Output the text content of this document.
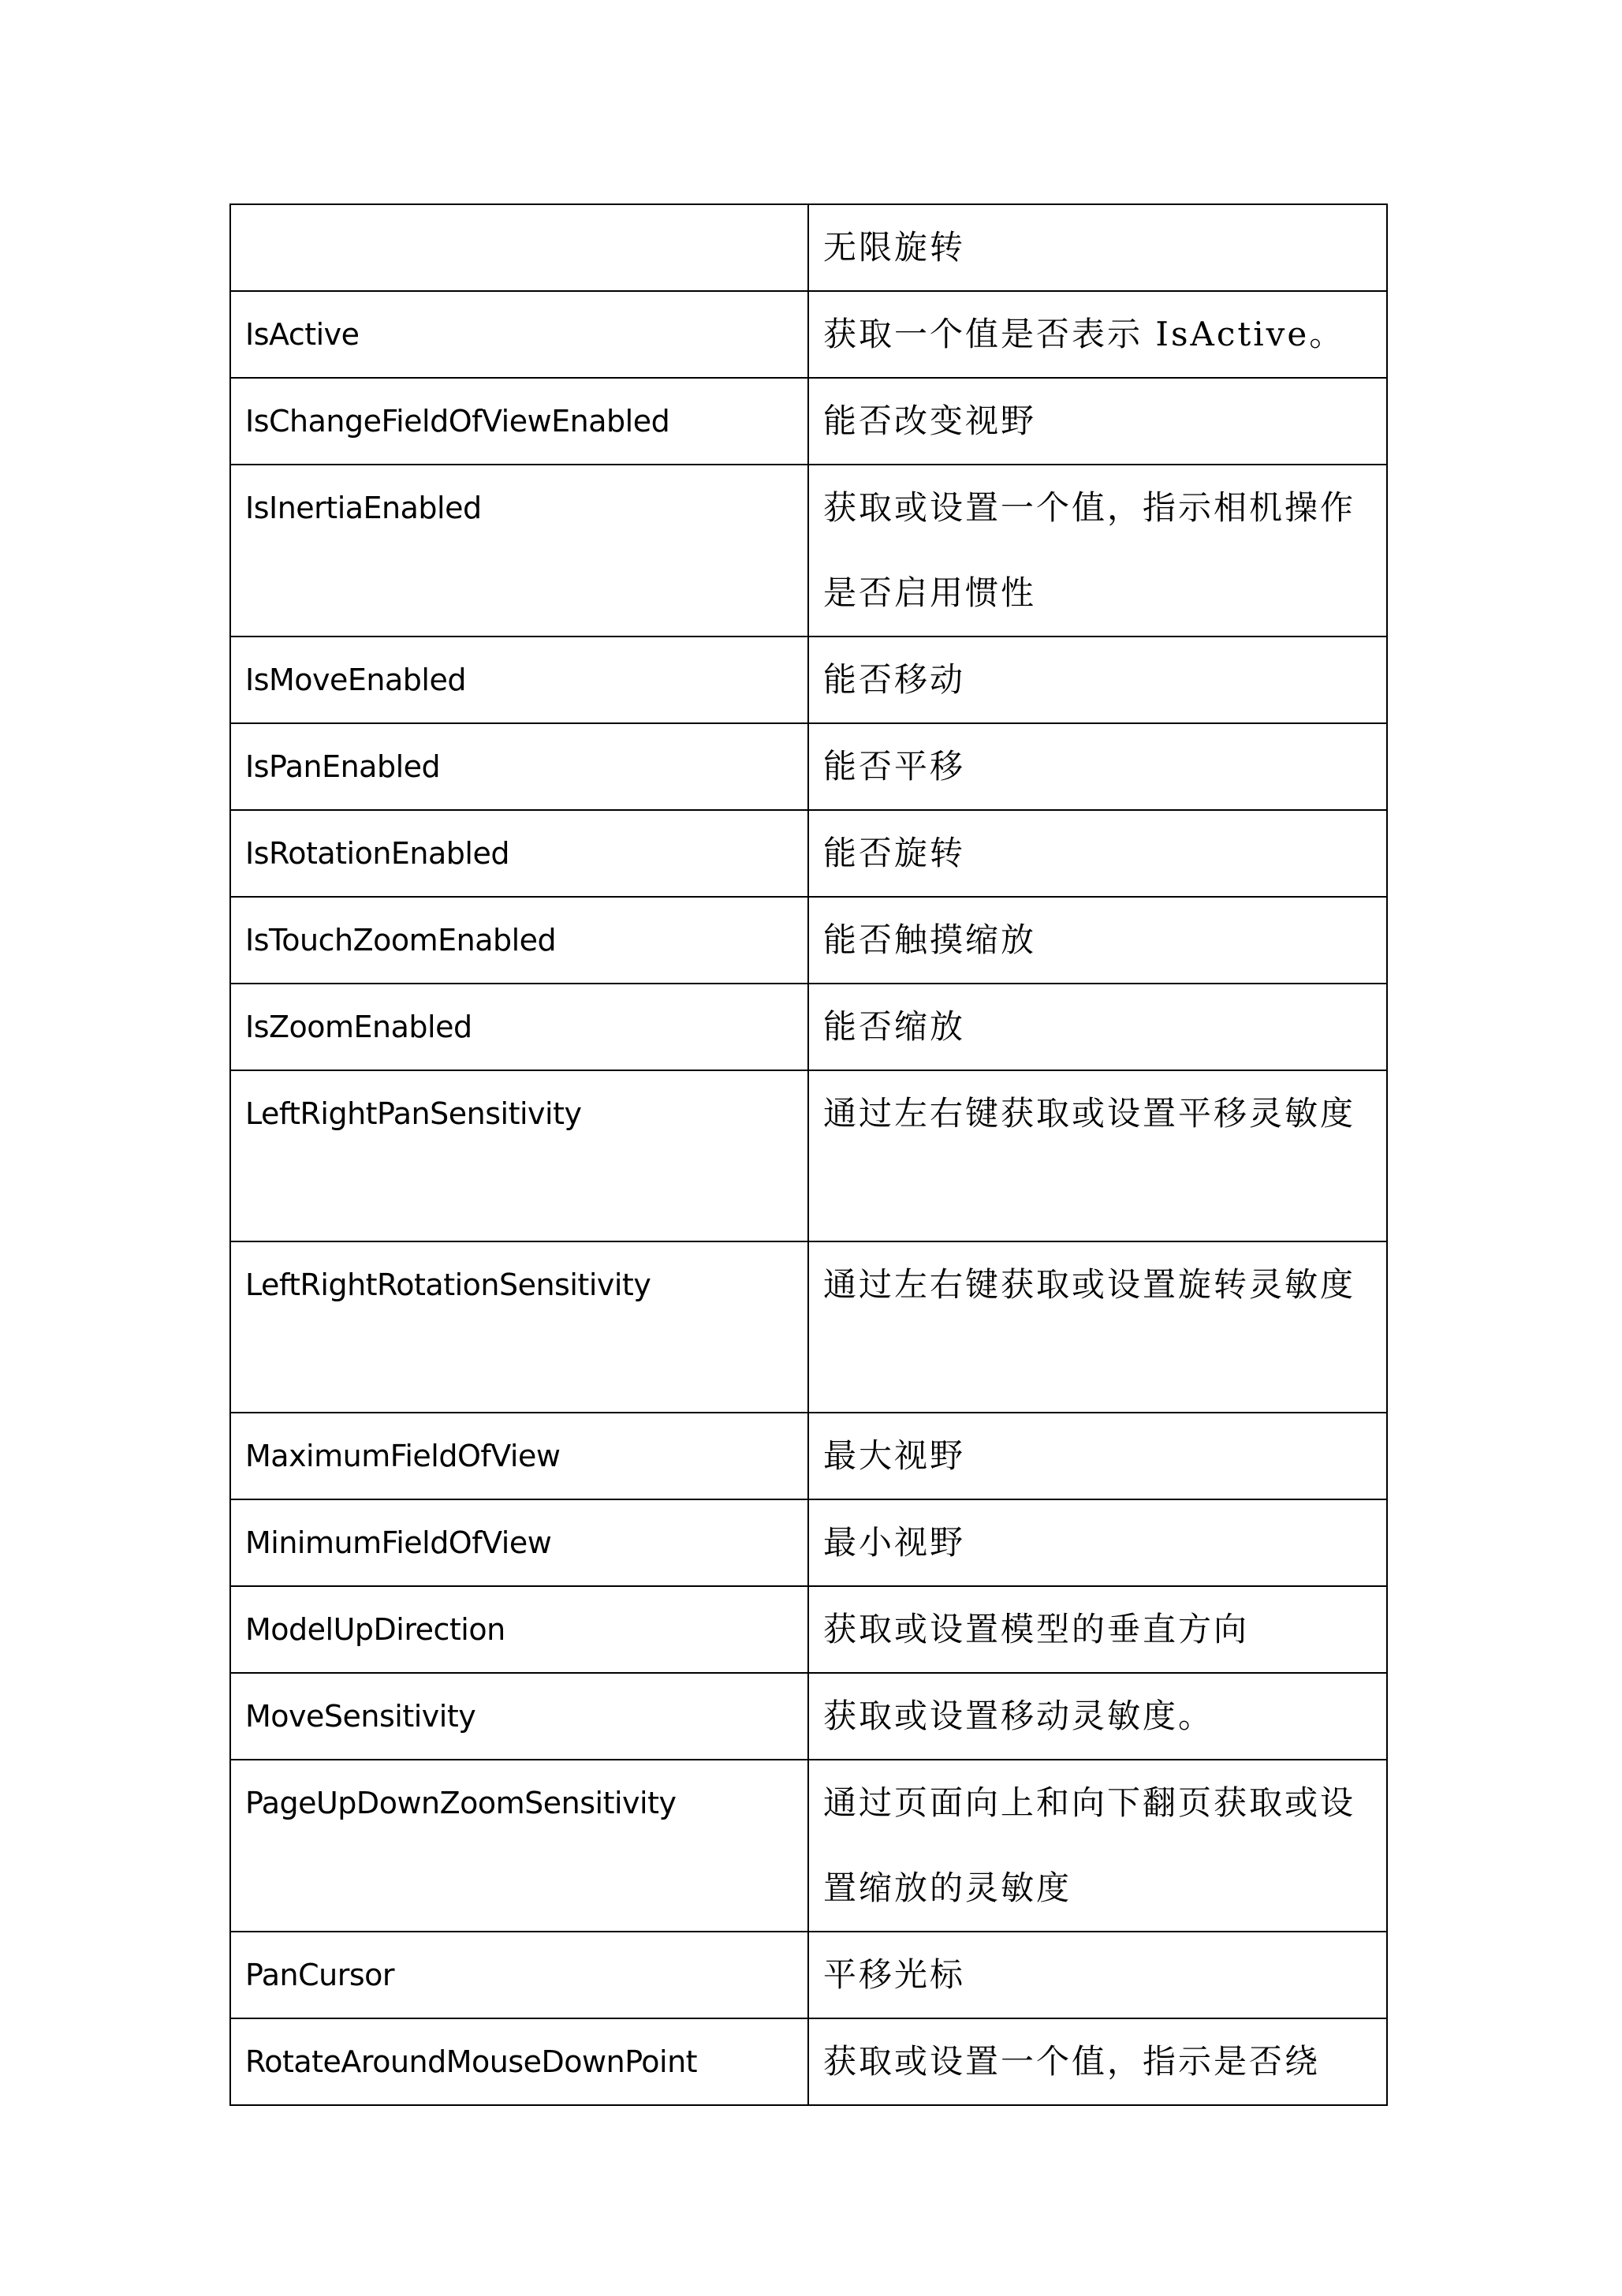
	无限旋转
IsActive	获取一个值是否表示 IsActive。
IsChangeFieldOfViewEnabled	能否改变视野
IsInertiaEnabled	获取或设置一个值，指示相机操作是否启用惯性
IsMoveEnabled	能否移动
IsPanEnabled	能否平移
IsRotationEnabled	能否旋转
IsTouchZoomEnabled	能否触摸缩放
IsZoomEnabled	能否缩放
LeftRightPanSensitivity	通过左右键获取或设置平移灵敏度
LeftRightRotationSensitivity	通过左右键获取或设置旋转灵敏度
MaximumFieldOfView	最大视野
MinimumFieldOfView	最小视野
ModelUpDirection	获取或设置模型的垂直方向
MoveSensitivity	获取或设置移动灵敏度。
PageUpDownZoomSensitivity	通过页面向上和向下翻页获取或设置缩放的灵敏度
PanCursor	平移光标
RotateAroundMouseDownPoint	获取或设置一个值，指示是否绕
